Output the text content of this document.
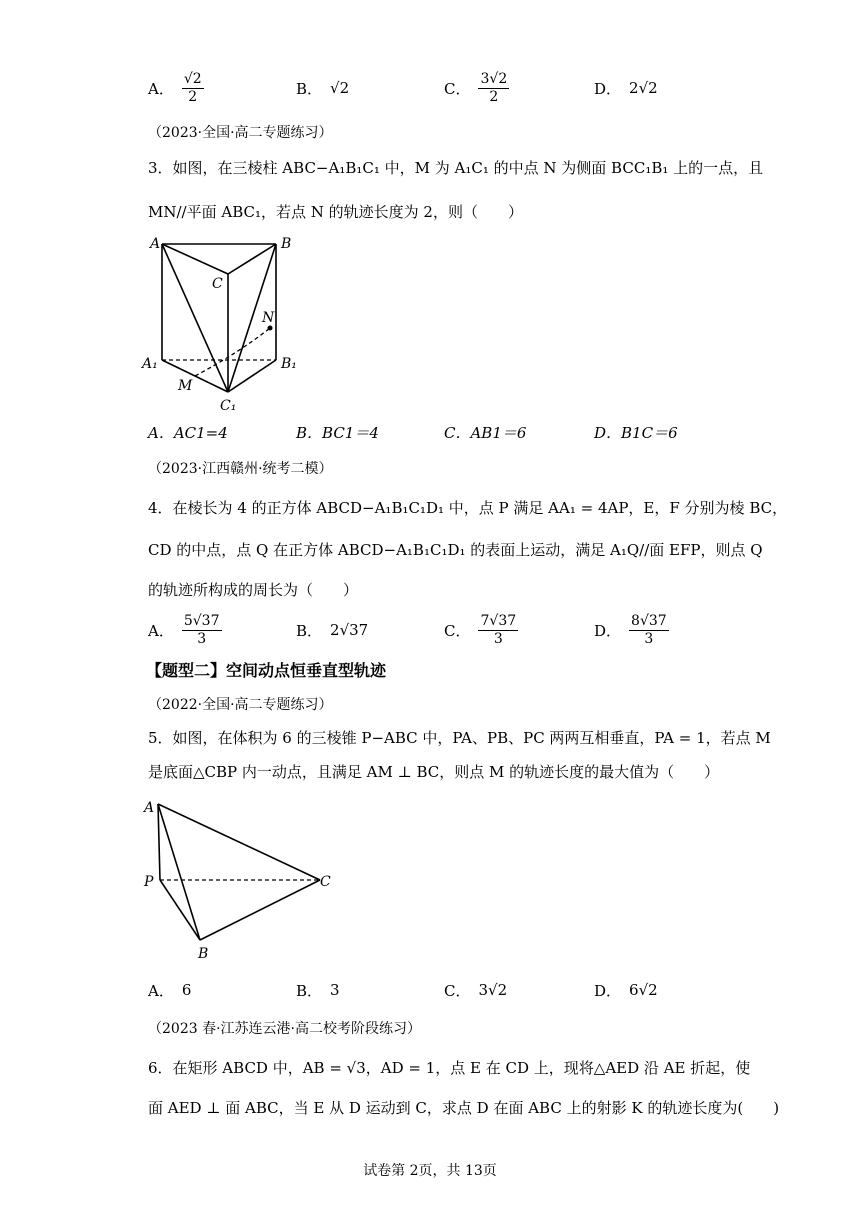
A． $\frac{√2}{2}$	B． √2	C． $\frac{3√2}{2}$	D． 2√2
（2023·全国·高二专题练习）
3．如图，在三棱柱 ABC−A₁B₁C₁ 中，M 为 A₁C₁ 的中点 N 为侧面 BCC₁B₁ 上的一点，且
MN//平面 ABC₁，若点 N 的轨迹长度为 2，则（　　）
A	B
C
N
A₁	B₁
M
C₁
A．AC1=4	B．BC1＝4	C．AB1＝6	D．B1C＝6
（2023·江西赣州·统考二模）
4．在棱长为 4 的正方体 ABCD−A₁B₁C₁D₁ 中，点 P 满足 AA₁ = 4AP，E，F 分别为棱 BC，
CD 的中点，点 Q 在正方体 ABCD−A₁B₁C₁D₁ 的表面上运动，满足 A₁Q//面 EFP，则点 Q
的轨迹所构成的周长为（　　）
A． $\frac{5√37}{3}$	B． 2√37	C． $\frac{7√37}{3}$	D． $\frac{8√37}{3}$
【题型二】空间动点恒垂直型轨迹
（2022·全国·高二专题练习）
5．如图，在体积为 6 的三棱锥 P−ABC 中，PA、PB、PC 两两互相垂直，PA = 1，若点 M
是底面△CBP 内一动点，且满足 AM ⊥ BC，则点 M 的轨迹长度的最大值为（　　）
A
P	C
B
A． 6	B． 3	C． 3√2	D． 6√2
（2023 春·江苏连云港·高二校考阶段练习）
6．在矩形 ABCD 中，AB = √3，AD = 1，点 E 在 CD 上，现将△AED 沿 AE 折起，使
面 AED ⊥ 面 ABC，当 E 从 D 运动到 C，求点 D 在面 ABC 上的射影 K 的轨迹长度为(　　)
试卷第 2页，共 13页
